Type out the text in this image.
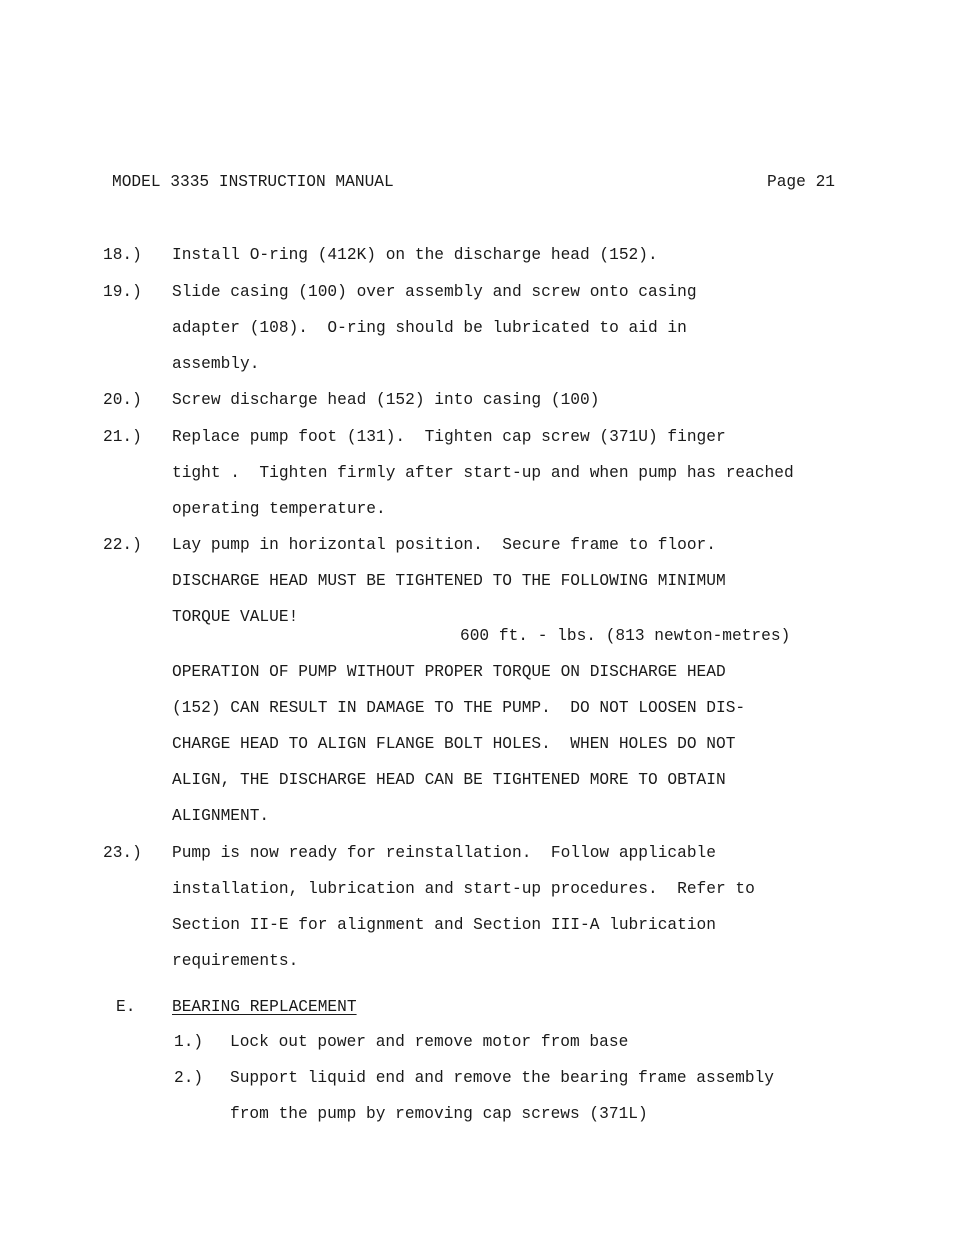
MODEL 3335 INSTRUCTION MANUAL	Page 21
18.) Install O-ring (412K) on the discharge head (152).
19.) Slide casing (100) over assembly and screw onto casing
adapter (108).  O-ring should be lubricated to aid in
assembly.
20.) Screw discharge head (152) into casing (100)
21.) Replace pump foot (131).  Tighten cap screw (371U) finger
tight .  Tighten firmly after start-up and when pump has reached
operating temperature.
22.) Lay pump in horizontal position.  Secure frame to floor.
DISCHARGE HEAD MUST BE TIGHTENED TO THE FOLLOWING MINIMUM
TORQUE VALUE!
600 ft. - lbs. (813 newton-metres)
OPERATION OF PUMP WITHOUT PROPER TORQUE ON DISCHARGE HEAD
(152) CAN RESULT IN DAMAGE TO THE PUMP.  DO NOT LOOSEN DIS-
CHARGE HEAD TO ALIGN FLANGE BOLT HOLES.  WHEN HOLES DO NOT
ALIGN, THE DISCHARGE HEAD CAN BE TIGHTENED MORE TO OBTAIN
ALIGNMENT.
23.) Pump is now ready for reinstallation.  Follow applicable
installation, lubrication and start-up procedures.  Refer to
Section II-E for alignment and Section III-A lubrication
requirements.
E. BEARING REPLACEMENT
1.) Lock out power and remove motor from base
2.) Support liquid end and remove the bearing frame assembly
from the pump by removing cap screws (371L)
